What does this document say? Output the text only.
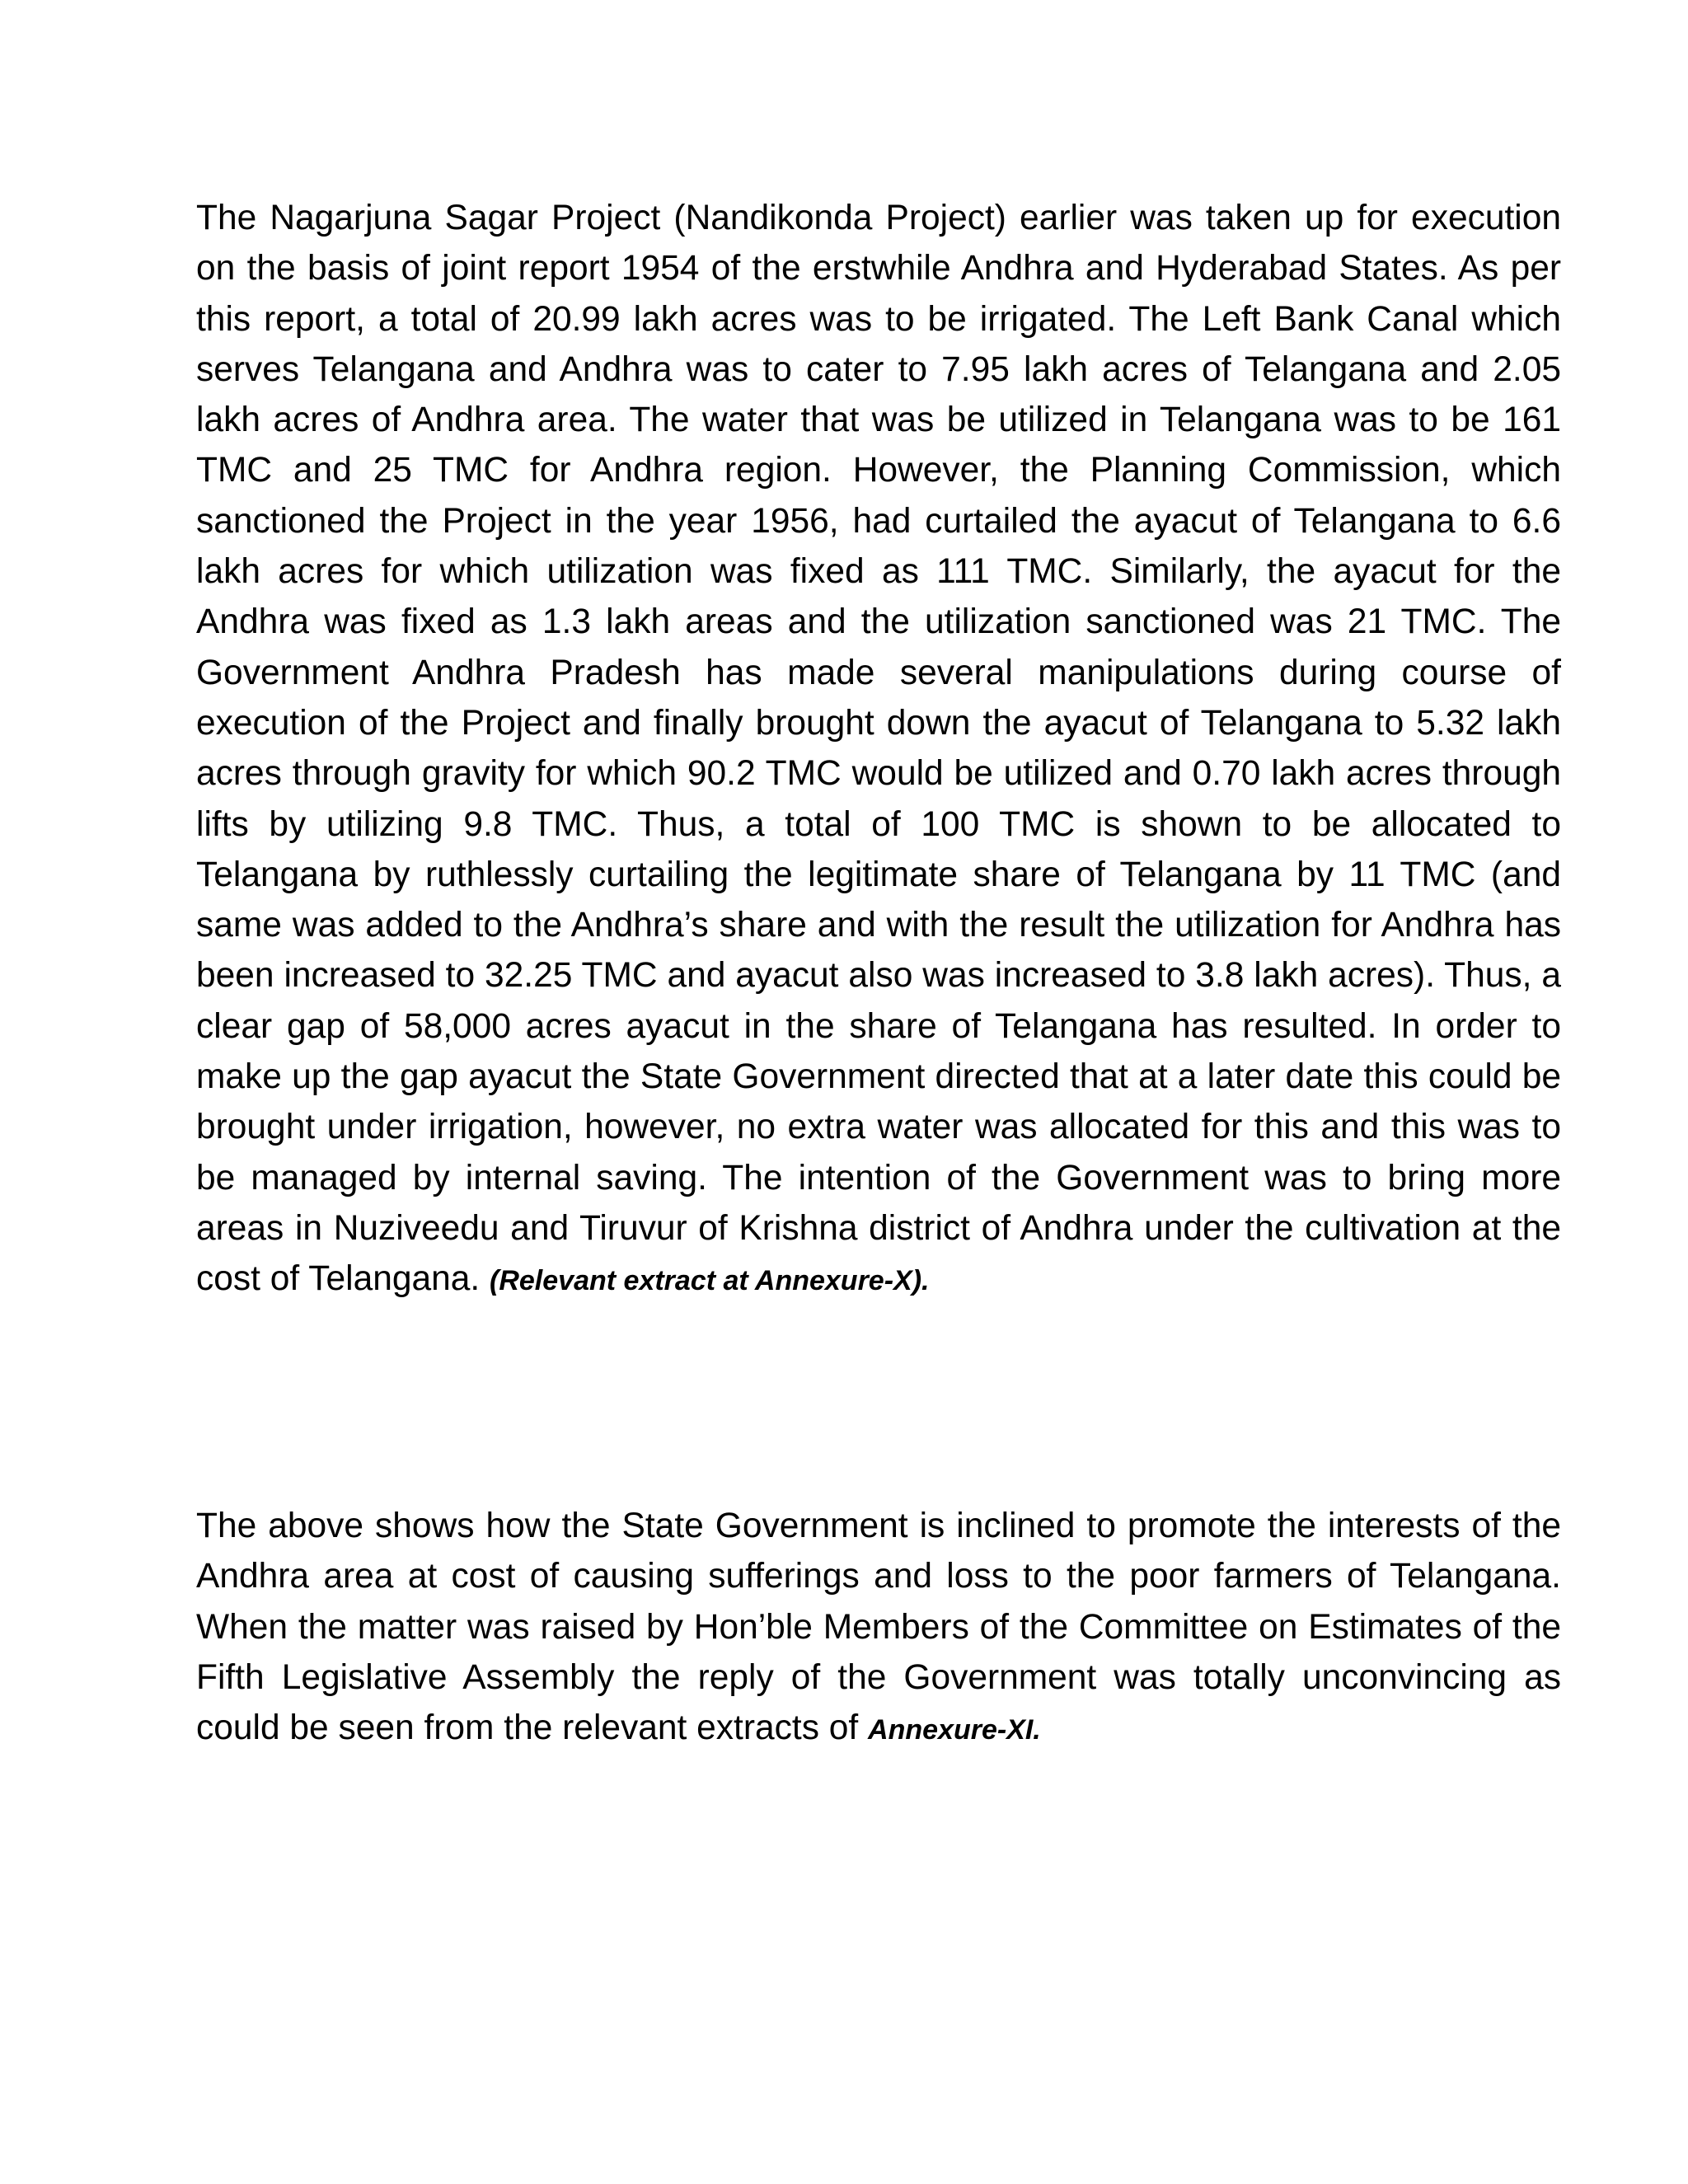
The Nagarjuna Sagar Project (Nandikonda Project) earlier was taken up for execution on the basis of joint report 1954 of the erstwhile Andhra and Hyderabad States. As per this report, a total of 20.99 lakh acres was to be irrigated. The Left Bank Canal which serves Telangana and Andhra was to cater to 7.95 lakh acres of Telangana and 2.05 lakh acres of Andhra area. The water that was be utilized in Telangana was to be 161 TMC and 25 TMC for Andhra region. However, the Planning Commission, which sanctioned the Project in the year 1956, had curtailed the ayacut of Telangana to 6.6 lakh acres for which utilization was fixed as 111 TMC. Similarly, the ayacut for the Andhra was fixed as 1.3 lakh areas and the utilization sanctioned was 21 TMC. The Government Andhra Pradesh has made several manipulations during course of execution of the Project and finally brought down the ayacut of Telangana to 5.32 lakh acres through gravity for which 90.2 TMC would be utilized and 0.70 lakh acres through lifts by utilizing 9.8 TMC. Thus, a total of 100 TMC is shown to be allocated to Telangana by ruthlessly curtailing the legitimate share of Telangana by 11 TMC (and same was added to the Andhra’s share and with the result the utilization for Andhra has been increased to 32.25 TMC and ayacut also was increased to 3.8 lakh acres). Thus, a clear gap of 58,000 acres ayacut in the share of Telangana has resulted. In order to make up the gap ayacut the State Government directed that at a later date this could be brought under irrigation, however, no extra water was allocated for this and this was to be managed by internal saving. The intention of the Government was to bring more areas in Nuziveedu and Tiruvur of Krishna district of Andhra under the cultivation at the cost of Telangana. (Relevant extract at Annexure-X).

The above shows how the State Government is inclined to promote the interests of the Andhra area at cost of causing sufferings and loss to the poor farmers of Telangana. When the matter was raised by Hon’ble Members of the Committee on Estimates of the Fifth Legislative Assembly the reply of the Government was totally unconvincing as could be seen from the relevant extracts of Annexure-XI.
